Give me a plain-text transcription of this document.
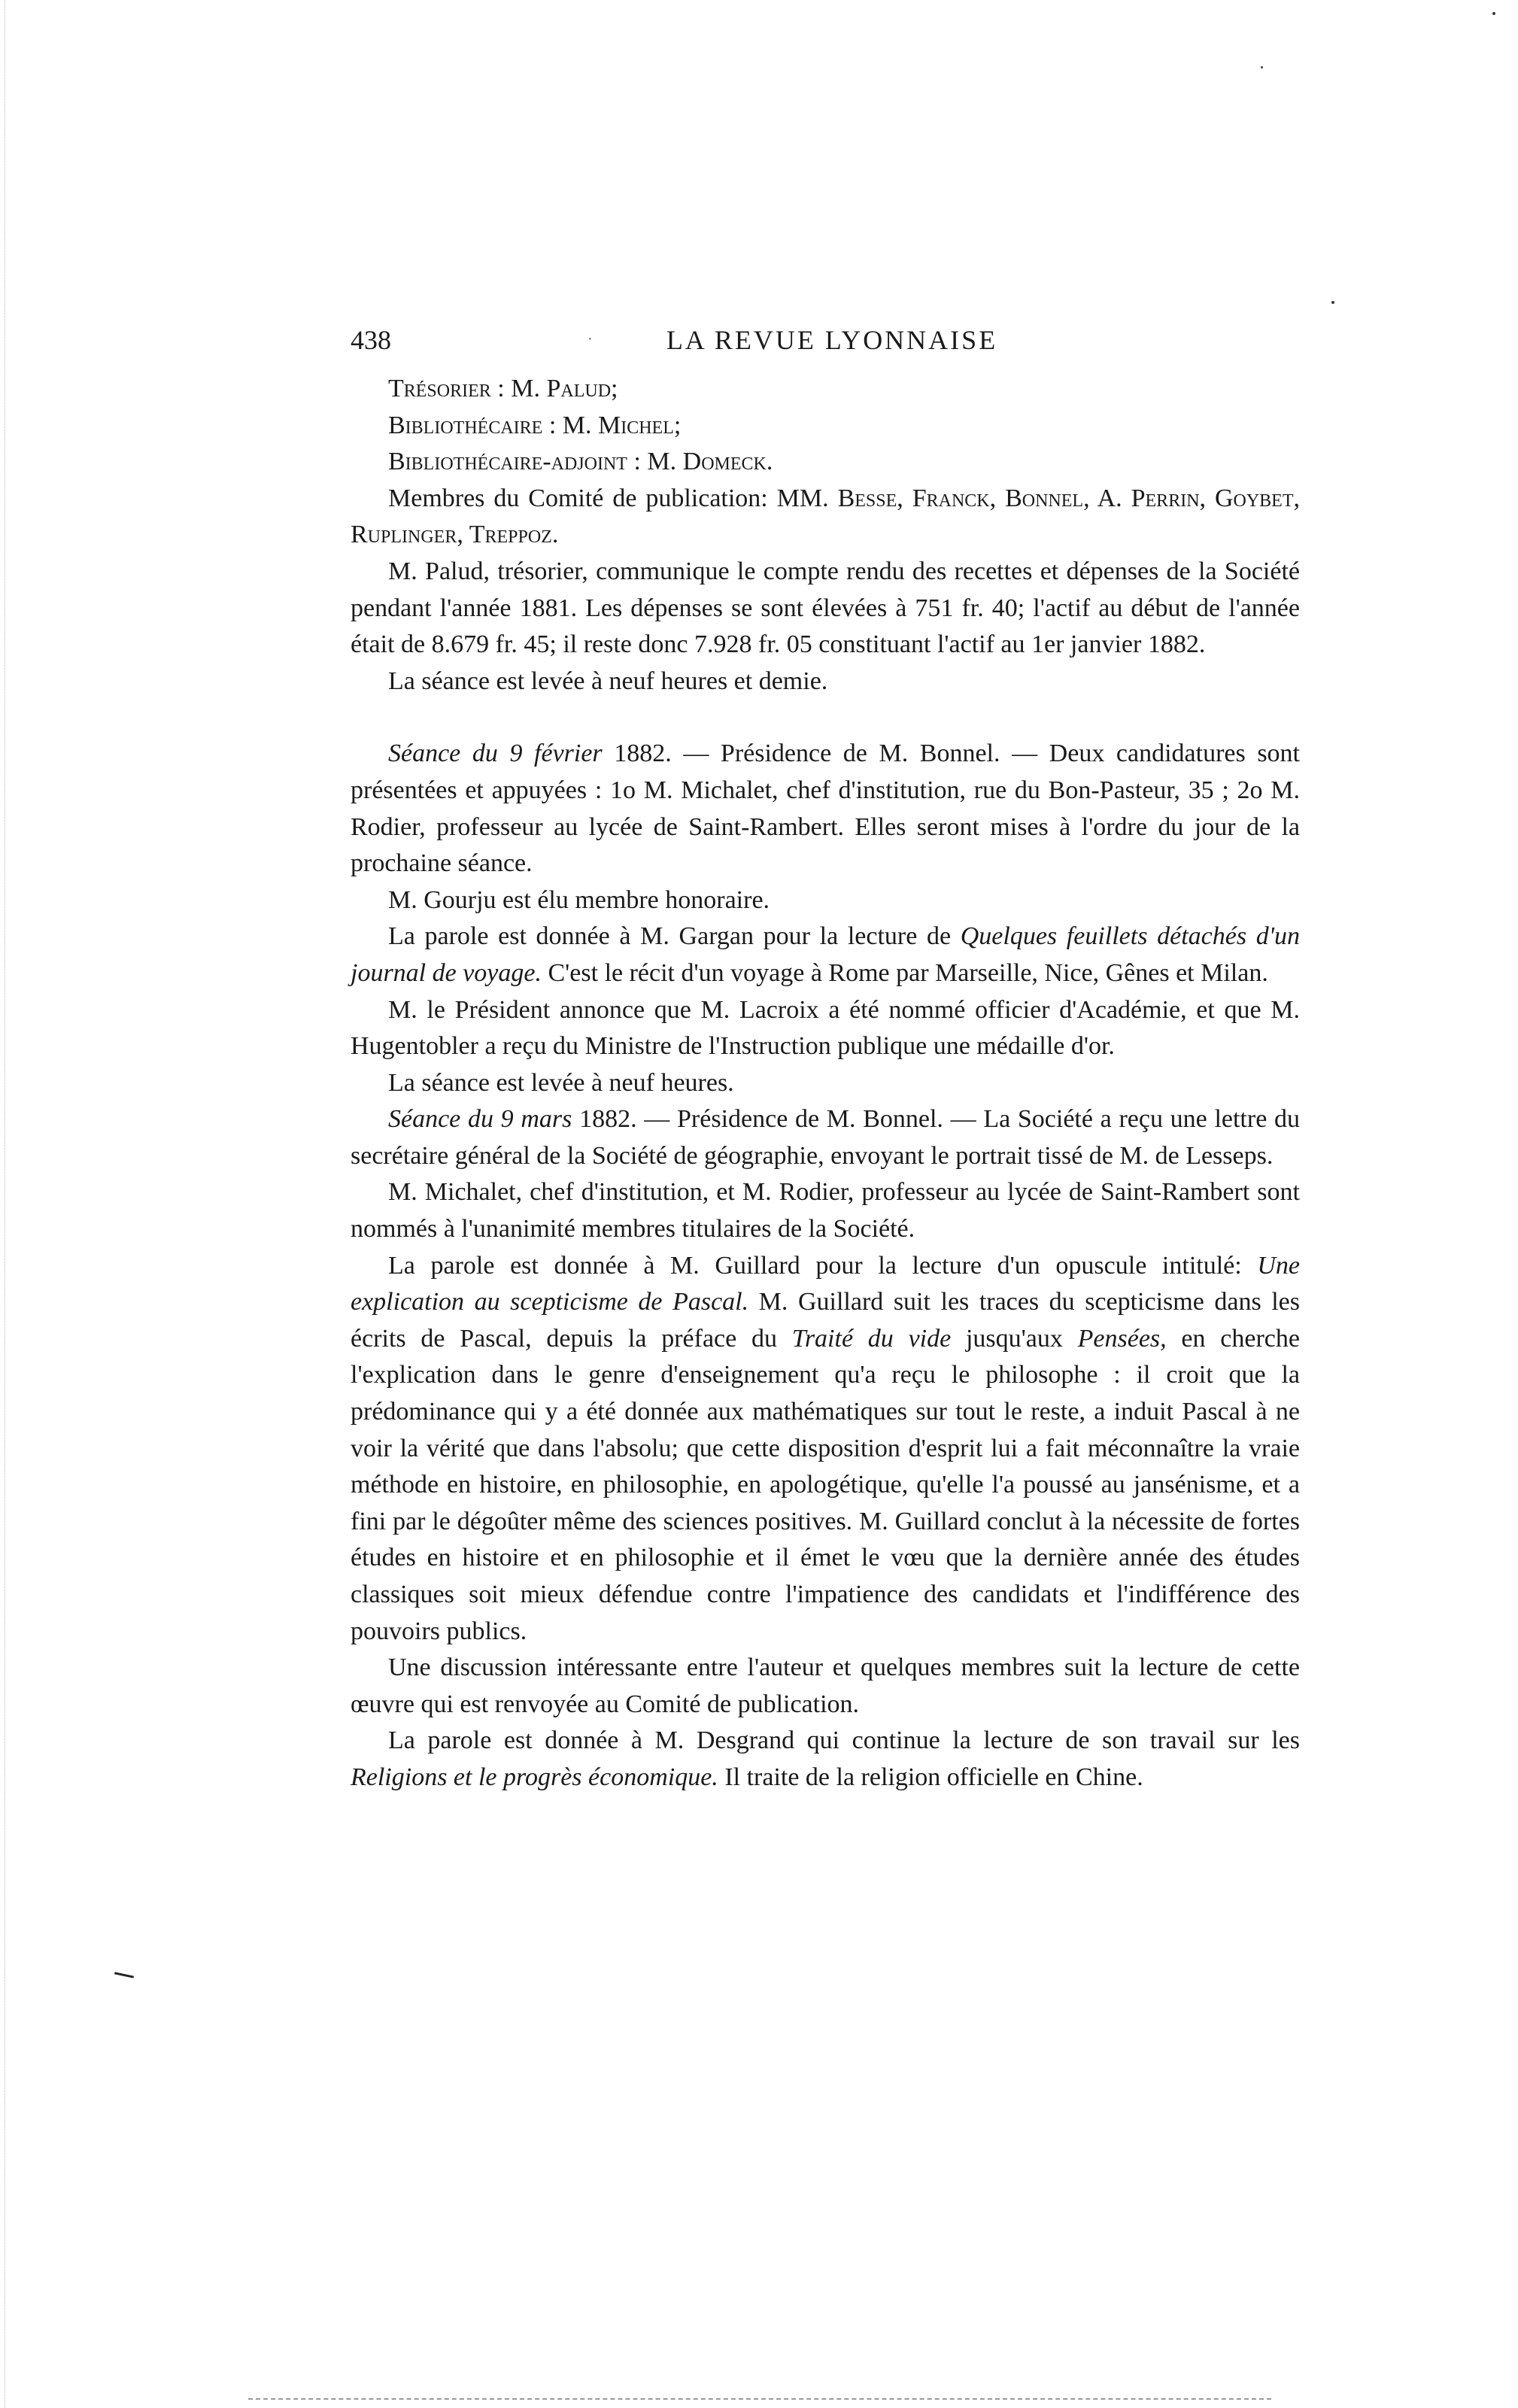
438	·	LA REVUE LYONNAISE

Trésorier : M. Palud;

Bibliothécaire : M. Michel;

Bibliothécaire-adjoint : M. Domeck.

Membres du Comité de publication: MM. Besse, Franck, Bonnel, A. Perrin, Goybet, Ruplinger, Treppoz.

M. Palud, trésorier, communique le compte rendu des recettes et dépenses de la Société pendant l'année 1881. Les dépenses se sont élevées à 751 fr. 40; l'actif au début de l'année était de 8.679 fr. 45; il reste donc 7.928 fr. 05 constituant l'actif au 1er janvier 1882.

La séance est levée à neuf heures et demie.

Séance du 9 février 1882. — Présidence de M. Bonnel. — Deux candidatures sont présentées et appuyées : 1o M. Michalet, chef d'institution, rue du Bon-Pasteur, 35 ; 2o M. Rodier, professeur au lycée de Saint-Rambert. Elles seront mises à l'ordre du jour de la prochaine séance.

M. Gourju est élu membre honoraire.

La parole est donnée à M. Gargan pour la lecture de Quelques feuillets détachés d'un journal de voyage. C'est le récit d'un voyage à Rome par Marseille, Nice, Gênes et Milan.

M. le Président annonce que M. Lacroix a été nommé officier d'Académie, et que M. Hugentobler a reçu du Ministre de l'Instruction publique une médaille d'or.

La séance est levée à neuf heures.

Séance du 9 mars 1882. — Présidence de M. Bonnel. — La Société a reçu une lettre du secrétaire général de la Société de géographie, envoyant le portrait tissé de M. de Lesseps.

M. Michalet, chef d'institution, et M. Rodier, professeur au lycée de Saint-Rambert sont nommés à l'unanimité membres titulaires de la Société.

La parole est donnée à M. Guillard pour la lecture d'un opuscule intitulé: Une explication au scepticisme de Pascal. M. Guillard suit les traces du scepticisme dans les écrits de Pascal, depuis la préface du Traité du vide jusqu'aux Pensées, en cherche l'explication dans le genre d'enseignement qu'a reçu le philosophe : il croit que la prédominance qui y a été donnée aux mathématiques sur tout le reste, a induit Pascal à ne voir la vérité que dans l'absolu; que cette disposition d'esprit lui a fait méconnaître la vraie méthode en histoire, en philosophie, en apologétique, qu'elle l'a poussé au jansénisme, et a fini par le dégoûter même des sciences positives. M. Guillard conclut à la nécessite de fortes études en histoire et en philosophie et il émet le vœu que la dernière année des études classiques soit mieux défendue contre l'impatience des candidats et l'indifférence des pouvoirs publics.

Une discussion intéressante entre l'auteur et quelques membres suit la lecture de cette œuvre qui est renvoyée au Comité de publication.

La parole est donnée à M. Desgrand qui continue la lecture de son travail sur les Religions et le progrès économique. Il traite de la religion officielle en Chine.
